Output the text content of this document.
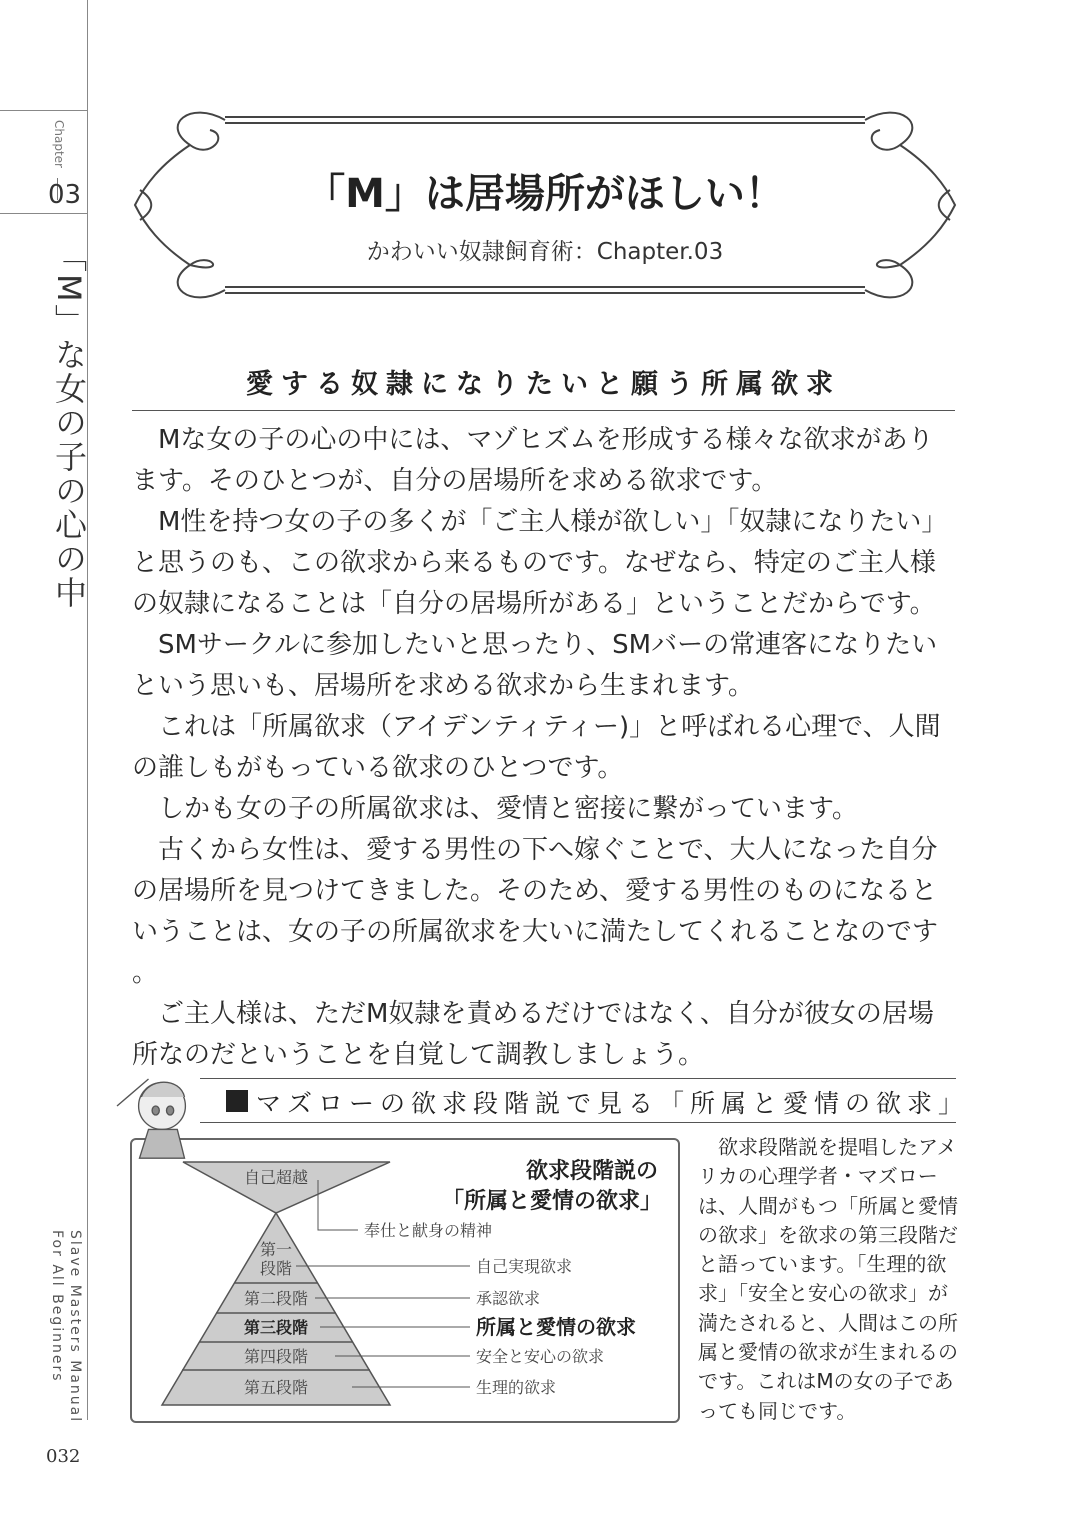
Chapter
03
「M」な女の子の心の中
Slave Masters Manual
For All Beginners
032
「M」は居場所がほしい！
かわいい奴隷飼育術：Chapter.03
愛する奴隷になりたいと願う所属欲求

Mな女の子の心の中には、マゾヒズムを形成する様々な欲求があります。そのひとつが、自分の居場所を求める欲求です。

M性を持つ女の子の多くが「ご主人様が欲しい」「奴隷になりたい」と思うのも、この欲求から来るものです。なぜなら、特定のご主人様の奴隷になることは「自分の居場所がある」ということだからです。

SMサークルに参加したいと思ったり、SMバーの常連客になりたいという思いも、居場所を求める欲求から生まれます。

これは「所属欲求（アイデンティティー)」と呼ばれる心理で、人間の誰しもがもっている欲求のひとつです。

しかも女の子の所属欲求は、愛情と密接に繋がっています。

古くから女性は、愛する男性の下へ嫁ぐことで、大人になった自分の居場所を見つけてきました。そのため、愛する男性のものになるということは、女の子の所属欲求を大いに満たしてくれることなのです。

ご主人様は、ただM奴隷を責めるだけではなく、自分が彼女の居場所なのだということを自覚して調教しましょう。

マズローの欲求段階説で見る「所属と愛情の欲求」
自己超越
奉仕と献身の精神
第一
段階
第二段階
第三段階
第四段階
第五段階
自己実現欲求
承認欲求
所属と愛情の欲求
安全と安心の欲求
生理的欲求
欲求段階説の
「所属と愛情の欲求」

欲求段階説を提唱したアメリカの心理学者・マズローは、人間がもつ「所属と愛情の欲求」を欲求の第三段階だと語っています。「生理的欲求」「安全と安心の欲求」が満たされると、人間はこの所属と愛情の欲求が生まれるのです。これはMの女の子であっても同じです。
